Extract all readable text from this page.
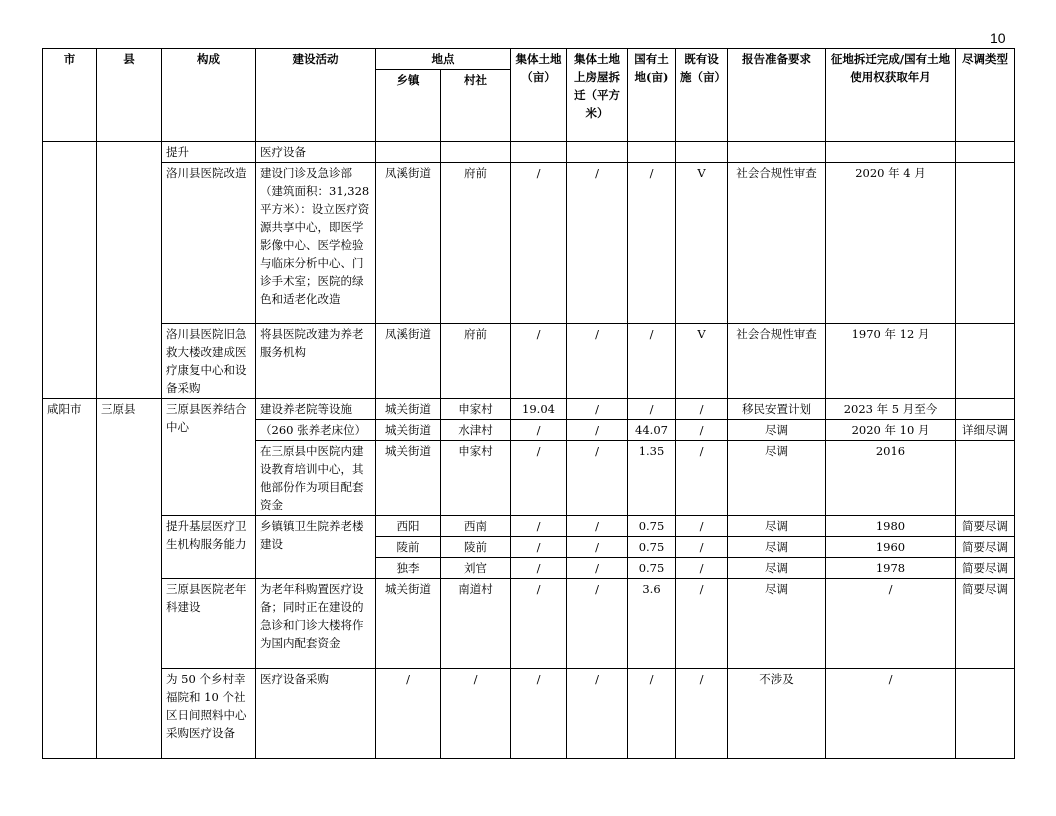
10
市	县	构成	建设活动	地点		集体土地（亩）	集体土地上房屋拆迁（平方米）	国有土地(亩)	既有设施（亩）	报告准备要求	征地拆迁完成/国有土地使用权获取年月	尽调类型
				乡镇	村社							
		提升	医疗设备									
		洛川县医院改造	建设门诊及急诊部（建筑面积：31,328平方米）：设立医疗资源共享中心，即医学影像中心、医学检验与临床分析中心、门诊手术室；医院的绿色和适老化改造	凤溪街道	府前	/	/	/	V	社会合规性审查	2020 年 4 月	
		洛川县医院旧急救大楼改建成医疗康复中心和设备采购	将县医院改建为养老服务机构	凤溪街道	府前	/	/	/	V	社会合规性审查	1970 年 12 月	
咸阳市	三原县	三原县医养结合中心	建设养老院等设施	城关街道	申家村	19.04	/	/	/	移民安置计划	2023 年 5 月至今	
			（260 张养老床位）	城关街道	水津村	/	/	44.07	/	尽调	2020 年 10 月	详细尽调
			在三原县中医院内建设教育培训中心，其他部份作为项目配套资金	城关街道	申家村	/	/	1.35	/	尽调	2016	
		提升基层医疗卫生机构服务能力	乡镇镇卫生院养老楼建设	西阳	西南	/	/	0.75	/	尽调	1980	简要尽调
				陵前	陵前	/	/	0.75	/	尽调	1960	简要尽调
				独李	刘官	/	/	0.75	/	尽调	1978	简要尽调
		三原县医院老年科建设	为老年科购置医疗设备；同时正在建设的急诊和门诊大楼将作为国内配套资金	城关街道	南道村	/	/	3.6	/	尽调	/	简要尽调
		为 50 个乡村幸福院和 10 个社区日间照料中心采购医疗设备	医疗设备采购	/	/	/	/	/	/	不涉及	/	
